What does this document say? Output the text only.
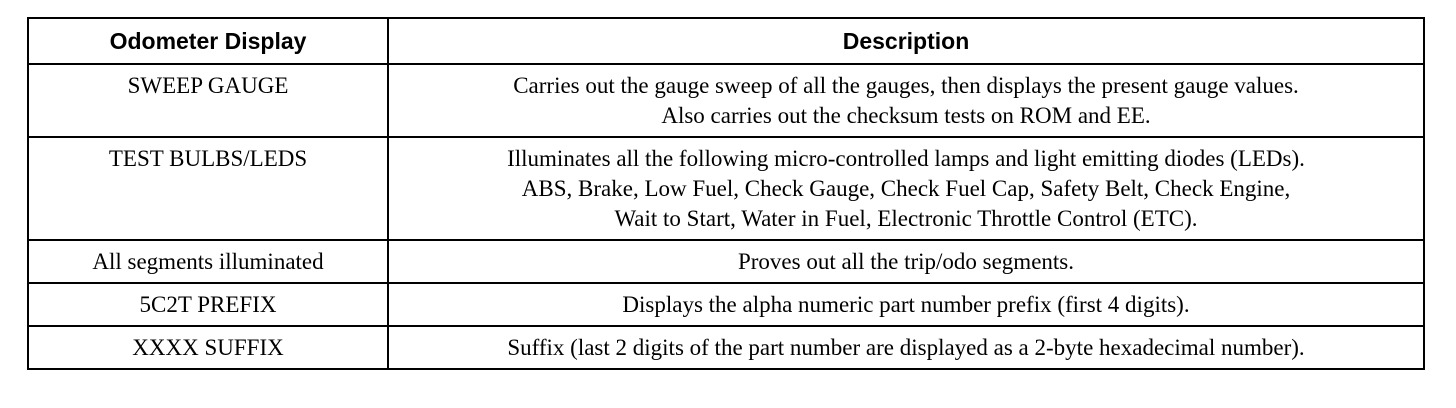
Odometer Display	Description
SWEEP GAUGE	Carries out the gauge sweep of all the gauges, then displays the present gauge values.
Also carries out the checksum tests on ROM and EE.

TEST BULBS/LEDS	Illuminates all the following micro-controlled lamps and light emitting diodes (LEDs).
ABS, Brake, Low Fuel, Check Gauge, Check Fuel Cap, Safety Belt, Check Engine,
Wait to Start, Water in Fuel, Electronic Throttle Control (ETC).

All segments illuminated	Proves out all the trip/odo segments.

5C2T PREFIX	Displays the alpha numeric part number prefix (first 4 digits).

XXXX SUFFIX	Suffix (last 2 digits of the part number are displayed as a 2-byte hexadecimal number).
